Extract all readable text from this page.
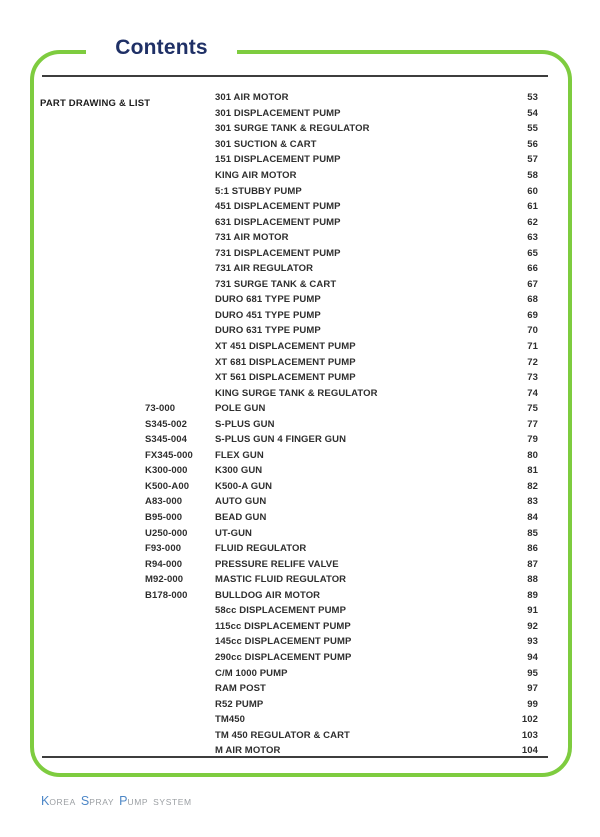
Contents
PART DRAWING & LIST
301 AIR MOTOR	53
301 DISPLACEMENT PUMP	54
301 SURGE TANK & REGULATOR	55
301 SUCTION & CART	56
151 DISPLACEMENT PUMP	57
KING AIR MOTOR	58
5:1 STUBBY PUMP	60
451 DISPLACEMENT PUMP	61
631 DISPLACEMENT PUMP	62
731 AIR MOTOR	63
731 DISPLACEMENT PUMP	65
731 AIR REGULATOR	66
731 SURGE TANK & CART	67
DURO 681 TYPE PUMP	68
DURO 451 TYPE PUMP	69
DURO 631 TYPE PUMP	70
XT 451 DISPLACEMENT PUMP	71
XT 681 DISPLACEMENT PUMP	72
XT 561 DISPLACEMENT PUMP	73
KING SURGE TANK & REGULATOR	74
73-000	POLE GUN	75
S345-002	S-PLUS GUN	77
S345-004	S-PLUS GUN 4 FINGER GUN	79
FX345-000	FLEX GUN	80
K300-000	K300 GUN	81
K500-A00	K500-A GUN	82
A83-000	AUTO GUN	83
B95-000	BEAD GUN	84
U250-000	UT-GUN	85
F93-000	FLUID REGULATOR	86
R94-000	PRESSURE RELIFE VALVE	87
M92-000	MASTIC FLUID REGULATOR	88
B178-000	BULLDOG AIR MOTOR	89
58cc DISPLACEMENT PUMP	91
115cc DISPLACEMENT PUMP	92
145cc DISPLACEMENT PUMP	93
290cc DISPLACEMENT PUMP	94
C/M 1000 PUMP	95
RAM POST	97
R52 PUMP	99
TM450	102
TM 450 REGULATOR & CART	103
M AIR MOTOR	104
K OREA S PRAY P UMP SYSTEM
